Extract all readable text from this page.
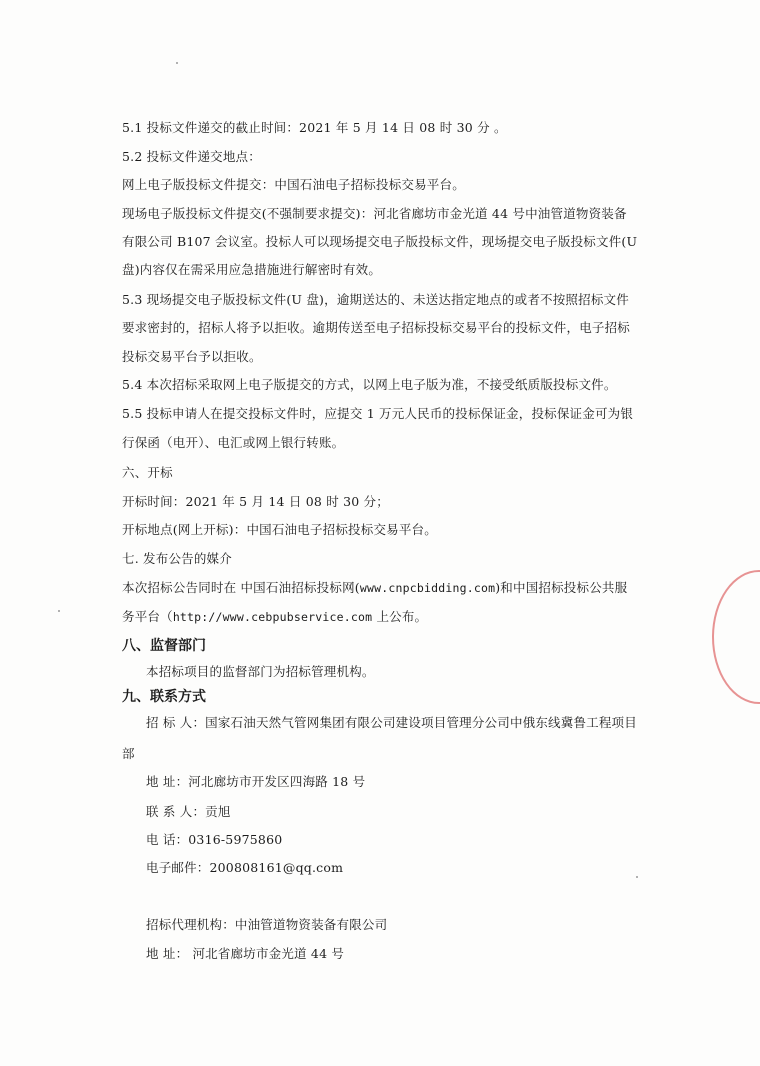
5.1 投标文件递交的截止时间：2021 年 5 月 14 日 08 时 30 分 。
5.2 投标文件递交地点：
网上电子版投标文件提交：中国石油电子招标投标交易平台。
现场电子版投标文件提交(不强制要求提交)：河北省廊坊市金光道 44 号中油管道物资装备
有限公司 B107 会议室。投标人可以现场提交电子版投标文件，现场提交电子版投标文件(U
盘)内容仅在需采用应急措施进行解密时有效。
5.3 现场提交电子版投标文件(U 盘)，逾期送达的、未送达指定地点的或者不按照招标文件
要求密封的，招标人将予以拒收。逾期传送至电子招标投标交易平台的投标文件，电子招标
投标交易平台予以拒收。
5.4 本次招标采取网上电子版提交的方式，以网上电子版为准，不接受纸质版投标文件。
5.5 投标申请人在提交投标文件时，应提交 1 万元人民币的投标保证金，投标保证金可为银
行保函（电开）、电汇或网上银行转账。
六、开标
开标时间：2021 年 5 月 14 日 08 时 30 分；
开标地点(网上开标)：中国石油电子招标投标交易平台。
七. 发布公告的媒介
本次招标公告同时在 中国石油招标投标网(www.cnpcbidding.com)和中国招标投标公共服
务平台（http://www.cebpubservice.com 上公布。
八、监督部门
本招标项目的监督部门为招标管理机构。
九、联系方式
招 标 人：国家石油天然气管网集团有限公司建设项目管理分公司中俄东线冀鲁工程项目
部
地 址：河北廊坊市开发区四海路 18 号
联 系 人：贡旭
电 话：0316-5975860
电子邮件：200808161@qq.com
招标代理机构：中油管道物资装备有限公司
地 址： 河北省廊坊市金光道 44 号
